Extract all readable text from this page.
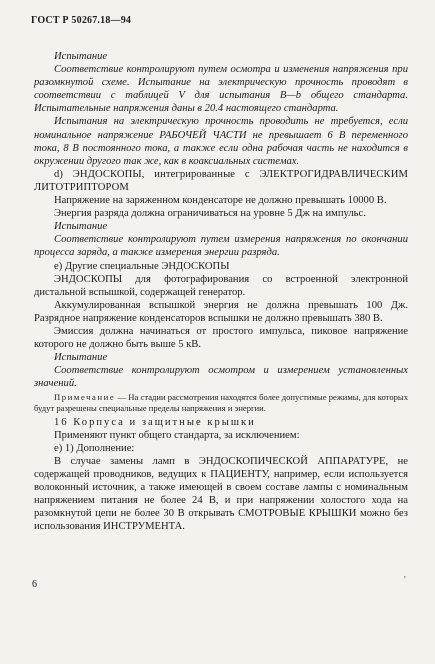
ГОСТ Р 50267.18—94

Испытание

Соответствие контролируют путем осмотра и изменения напряжения при разомкнутой схеме. Испытание на электрическую прочность проводят в соответствии с таблицей V для испытания B—b общего стандарта. Испытательные напряжения даны в 20.4 настоящего стандарта.

Испытания на электрическую прочность проводить не требуется, если номинальное напряжение РАБОЧЕЙ ЧАСТИ не превышает 6 В переменного тока, 8 В постоянного тока, а также если одна рабочая часть не находится в окружении другого так же, как в коаксиальных системах.

d) ЭНДОСКОПЫ, интегрированные с ЭЛЕКТРОГИДРАВЛИЧЕСКИМ ЛИТОТРИПТОРОМ

Напряжение на заряженном конденсаторе не должно превышать 10000 В.

Энергия разряда должна ограничиваться на уровне 5 Дж на импульс.

Испытание

Соответствие контролируют путем измерения напряжения по окончании процесса заряда, а также измерения энергии разряда.

e) Другие специальные ЭНДОСКОПЫ

ЭНДОСКОПЫ для фотографирования со встроенной электронной дистальной вспышкой, содержащей генератор.

Аккумулированная вспышкой энергия не должна превышать 100 Дж. Разрядное напряжение конденсаторов вспышки не должно превышать 380 В.

Эмиссия должна начинаться от простого импульса, пиковое напряжение которого не должно быть выше 5 кВ.

Испытание

Соответствие контролируют осмотром и измерением установленных значений.

Примечание — На стадии рассмотрения находятся более допустимые режимы, для которых будут разрешены специальные пределы напряжения и энергии.

16 Корпуса и защитные крышки

Применяют пункт общего стандарта, за исключением:

е) 1) Дополнение:

В случае замены ламп в ЭНДОСКОПИЧЕСКОЙ АППАРАТУРЕ, не содержащей проводников, ведущих к ПАЦИЕНТУ, например, если используется волоконный источник, а также имеющей в своем составе лампы с номинальным напряжением питания не более 24 В, и при напряжении холостого хода на разомкнутой цепи не более 30 В открывать СМОТРОВЫЕ КРЫШКИ можно без использования ИНСТРУМЕНТА.

6	'
